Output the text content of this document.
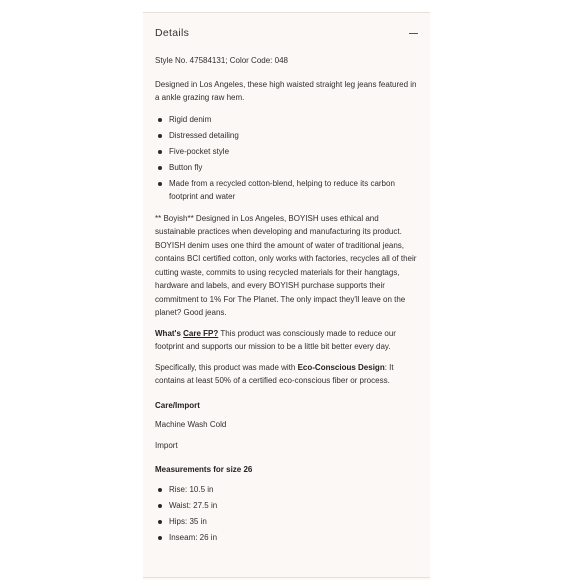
Details

Style No. 47584131; Color Code: 048

Designed in Los Angeles, these high waisted straight leg jeans featured in a ankle grazing raw hem.

Rigid denim
Distressed detailing
Five-pocket style
Button fly
Made from a recycled cotton-blend, helping to reduce its carbon footprint and water

** Boyish** Designed in Los Angeles, BOYISH uses ethical and sustainable practices when developing and manufacturing its product. BOYISH denim uses one third the amount of water of traditional jeans, contains BCI certified cotton, only works with factories, recycles all of their cutting waste, commits to using recycled materials for their hangtags, hardware and labels, and every BOYISH purchase supports their commitment to 1% For The Planet. The only impact they'll leave on the planet? Good jeans.

What's Care FP? This product was consciously made to reduce our footprint and supports our mission to be a little bit better every day.

Specifically, this product was made with Eco-Conscious Design: It contains at least 50% of a certified eco-conscious fiber or process.

Care/Import

Machine Wash Cold

Import

Measurements for size 26

Rise: 10.5 in
Waist: 27.5 in
Hips: 35 in
Inseam: 26 in
